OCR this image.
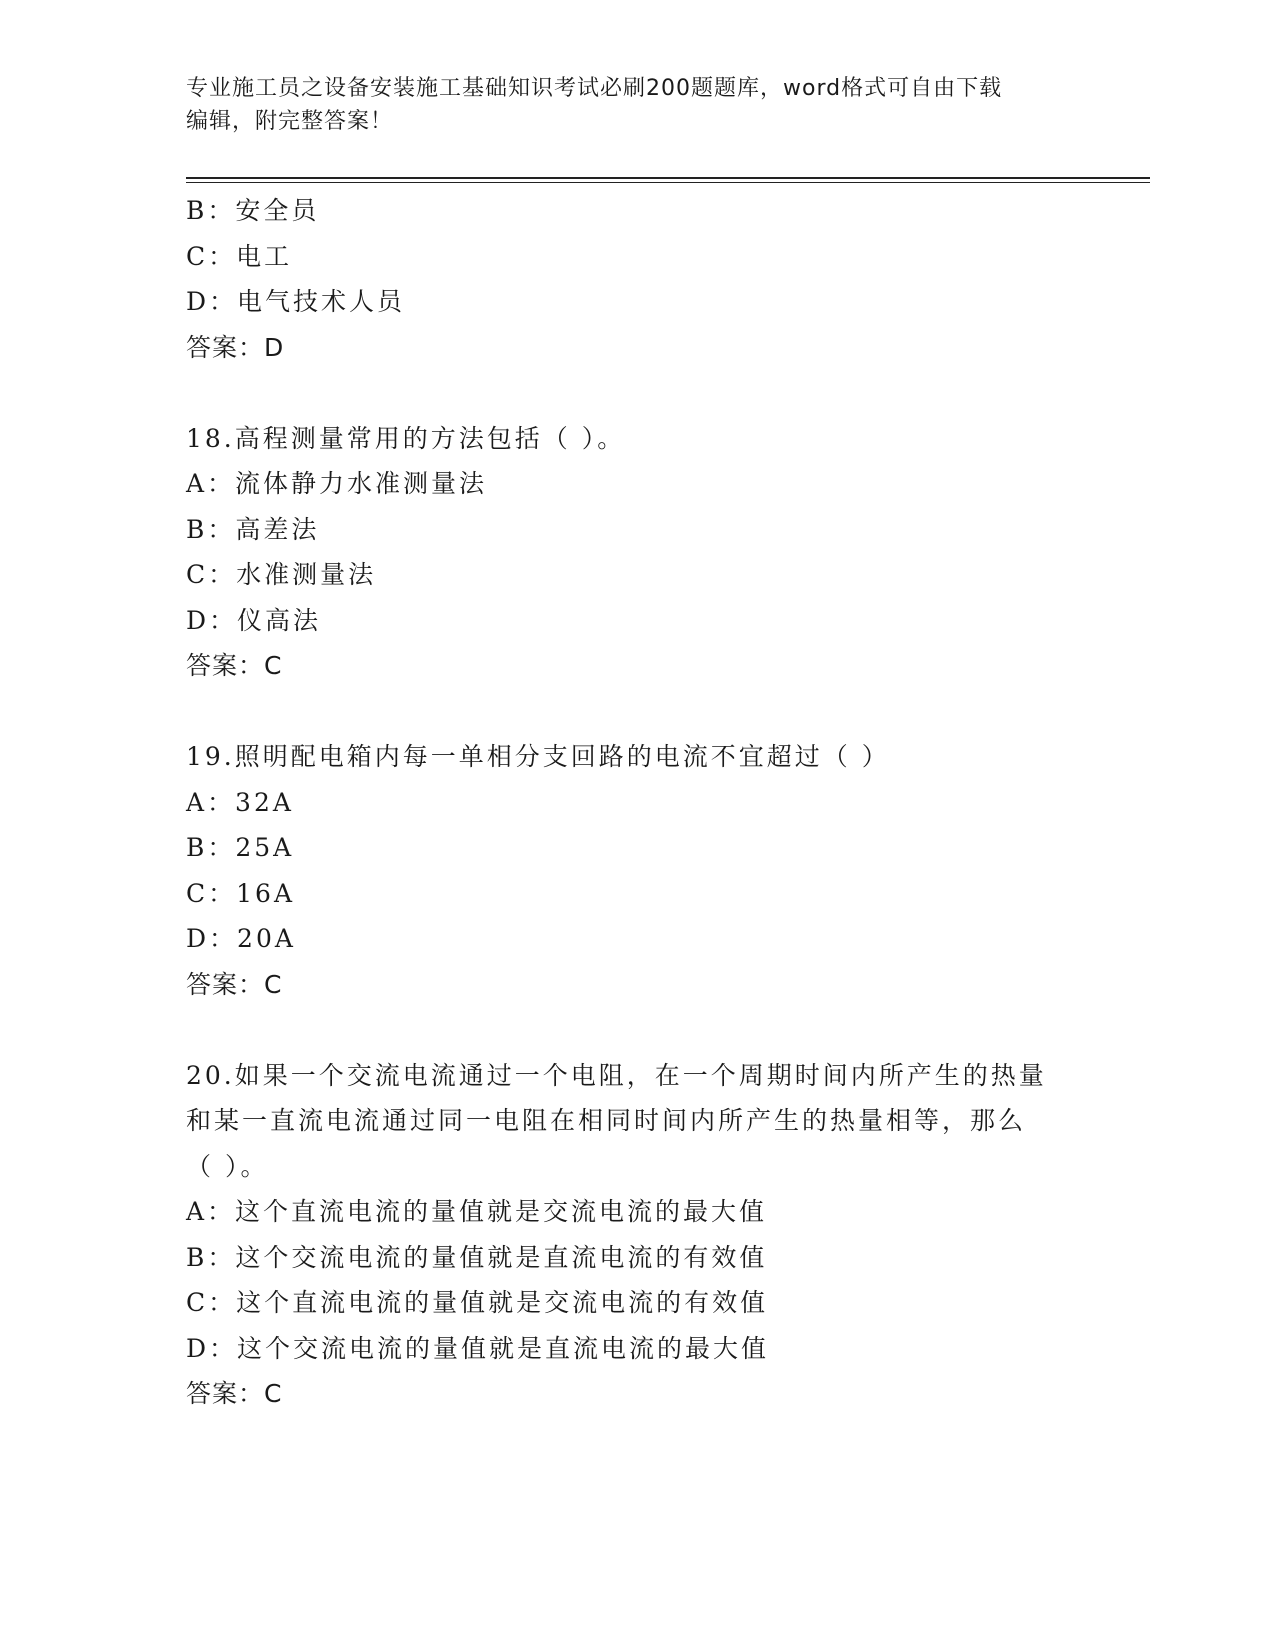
专业施工员之设备安装施工基础知识考试必刷200题题库，word格式可自由下载
编辑，附完整答案！
B：安全员
C：电工
D：电气技术人员
答案：D
18.高程测量常用的方法包括（ ）。
A：流体静力水准测量法
B：高差法
C：水准测量法
D：仪高法
答案：C
19.照明配电箱内每一单相分支回路的电流不宜超过（ ）
A：32A
B：25A
C：16A
D：20A
答案：C
20.如果一个交流电流通过一个电阻，在一个周期时间内所产生的热量
和某一直流电流通过同一电阻在相同时间内所产生的热量相等，那么
（ ）。
A：这个直流电流的量值就是交流电流的最大值
B：这个交流电流的量值就是直流电流的有效值
C：这个直流电流的量值就是交流电流的有效值
D：这个交流电流的量值就是直流电流的最大值
答案：C
